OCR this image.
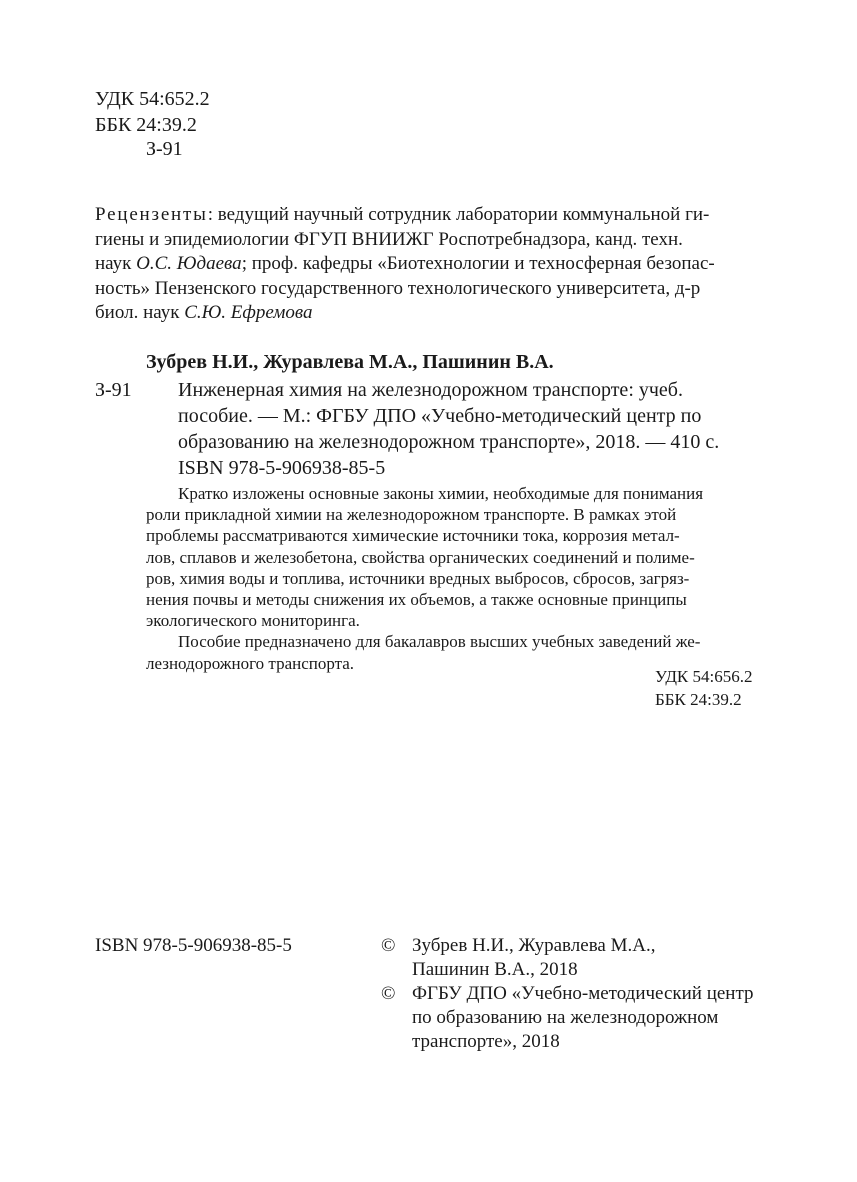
УДК 54:652.2
ББК 24:39.2
З-91
Рецензенты: ведущий научный сотрудник лаборатории коммунальной ги-
гиены и эпидемиологии ФГУП ВНИИЖГ Роспотребнадзора, канд. техн.
наук О.С. Юдаева; проф. кафедры «Биотехнологии и техносферная безопас-
ность» Пензенского государственного технологического университета, д-р
биол. наук С.Ю. Ефремова
Зубрев Н.И., Журавлева М.А., Пашинин В.А.
З-91 Инженерная химия на железнодорожном транспорте: учеб.
пособие. — М.: ФГБУ ДПО «Учебно-методический центр по
образованию на железнодорожном транспорте», 2018. — 410 с.
ISBN 978-5-906938-85-5
Кратко изложены основные законы химии, необходимые для понимания
роли прикладной химии на железнодорожном транспорте. В рамках этой
проблемы рассматриваются химические источники тока, коррозия метал-
лов, сплавов и железобетона, свойства органических соединений и полиме-
ров, химия воды и топлива, источники вредных выбросов, сбросов, загряз-
нения почвы и методы снижения их объемов, а также основные принципы
экологического мониторинга.
Пособие предназначено для бакалавров высших учебных заведений же-
лезнодорожного транспорта.
УДК 54:656.2
ББК 24:39.2
ISBN 978-5-906938-85-5	© Зубрев Н.И., Журавлева М.А.,
Пашинин В.А., 2018
© ФГБУ ДПО «Учебно-методический центр
по образованию на железнодорожном
транспорте», 2018
